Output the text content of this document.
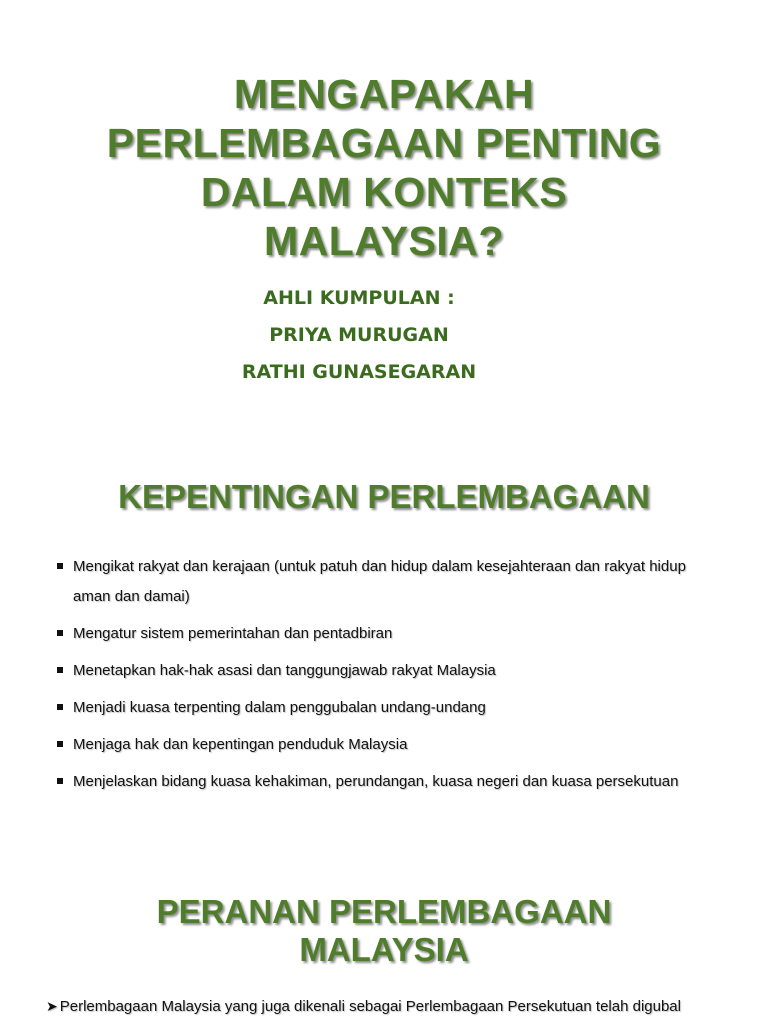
MENGAPAKAH
PERLEMBAGAAN PENTING
DALAM KONTEKS
MALAYSIA?
AHLI KUMPULAN :
PRIYA MURUGAN
RATHI GUNASEGARAN
KEPENTINGAN PERLEMBAGAAN
Mengikat rakyat dan kerajaan (untuk patuh dan hidup dalam kesejahteraan dan rakyat hidup aman dan damai)
Mengatur sistem pemerintahan dan pentadbiran
Menetapkan hak-hak asasi dan tanggungjawab rakyat Malaysia
Menjadi kuasa terpenting dalam penggubalan undang-undang
Menjaga hak dan kepentingan penduduk Malaysia
Menjelaskan bidang kuasa kehakiman, perundangan, kuasa negeri dan kuasa persekutuan
PERANAN PERLEMBAGAAN
MALAYSIA
➤ Perlembagaan Malaysia yang juga dikenali sebagai Perlembagaan Persekutuan telah digubal
